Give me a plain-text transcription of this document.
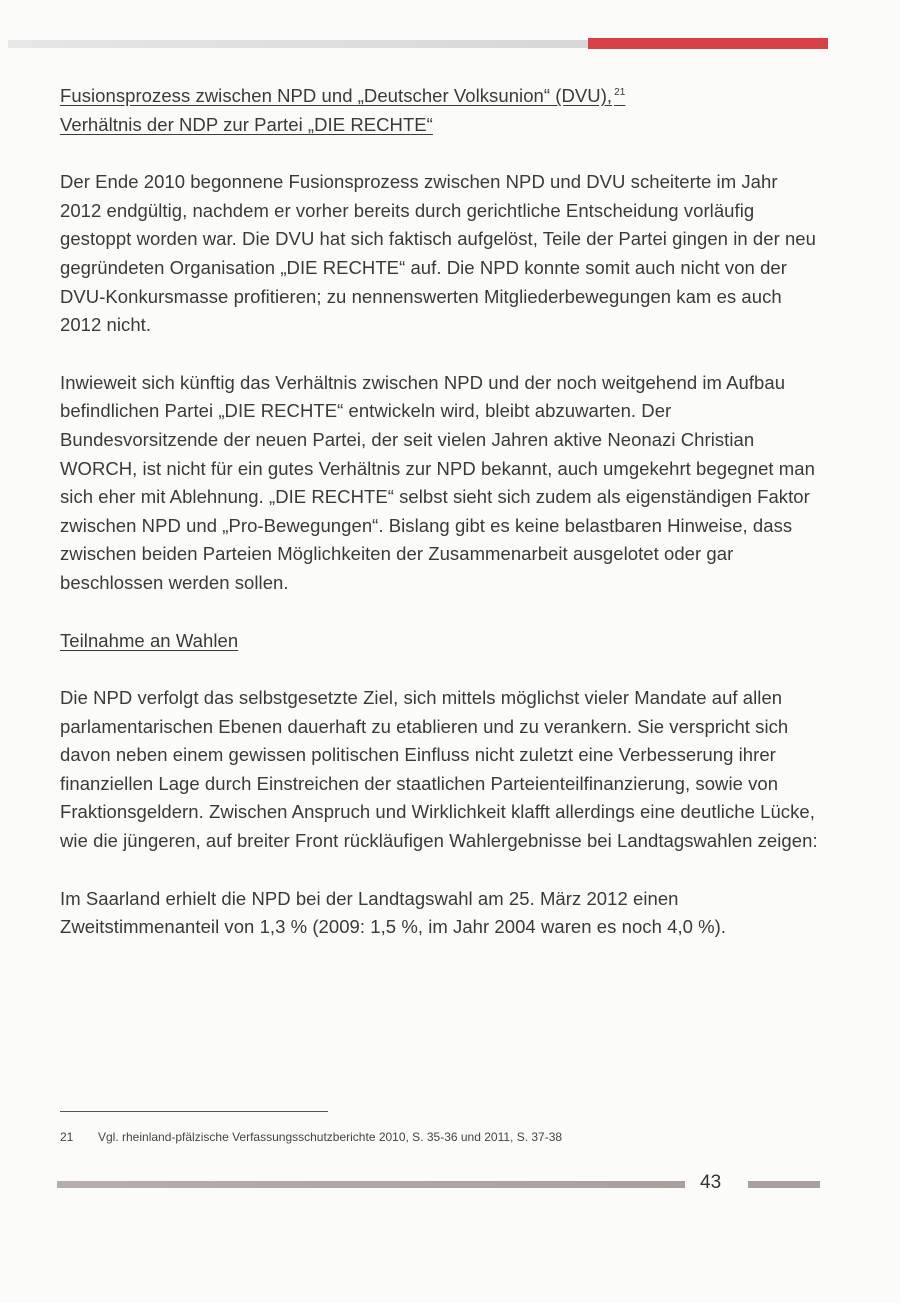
Fusionsprozess zwischen NPD und „Deutscher Volksunion“ (DVU), $^{21}$
Verhältnis der NDP zur Partei „DIE RECHTE“

Der Ende 2010 begonnene Fusionsprozess zwischen NPD und DVU scheiterte im Jahr 2012 endgültig, nachdem er vorher bereits durch gerichtliche Entscheidung vorläufig gestoppt worden war. Die DVU hat sich faktisch aufgelöst, Teile der Partei gingen in der neu gegründeten Organisation „DIE RECHTE“ auf. Die NPD konnte somit auch nicht von der DVU-Konkursmasse profitieren; zu nennenswerten Mitgliederbewegungen kam es auch 2012 nicht.

Inwieweit sich künftig das Verhältnis zwischen NPD und der noch weitgehend im Aufbau befindlichen Partei „DIE RECHTE“ entwickeln wird, bleibt abzuwarten. Der Bundesvorsitzende der neuen Partei, der seit vielen Jahren aktive Neonazi Christian WORCH, ist nicht für ein gutes Verhältnis zur NPD bekannt, auch umgekehrt begegnet man sich eher mit Ablehnung. „DIE RECHTE“ selbst sieht sich zudem als eigenständigen Faktor zwischen NPD und „Pro-Bewegungen“. Bislang gibt es keine belastbaren Hinweise, dass zwischen beiden Parteien Möglichkeiten der Zusammenarbeit ausgelotet oder gar beschlossen werden sollen.

Teilnahme an Wahlen

Die NPD verfolgt das selbstgesetzte Ziel, sich mittels möglichst vieler Mandate auf allen parlamentarischen Ebenen dauerhaft zu etablieren und zu verankern. Sie verspricht sich davon neben einem gewissen politischen Einfluss nicht zuletzt eine Verbesserung ihrer finanziellen Lage durch Einstreichen der staatlichen Parteienteilfinanzierung, sowie von Fraktionsgeldern. Zwischen Anspruch und Wirklichkeit klafft allerdings eine deutliche Lücke, wie die jüngeren, auf breiter Front rückläufigen Wahlergebnisse bei Landtagswahlen zeigen:

Im Saarland erhielt die NPD bei der Landtagswahl am 25. März 2012 einen Zweitstimmenanteil von 1,3 % (2009: 1,5 %, im Jahr 2004 waren es noch 4,0 %).

21 Vgl. rheinland-pfälzische Verfassungsschutzberichte 2010, S. 35-36 und 2011, S. 37-38
43
